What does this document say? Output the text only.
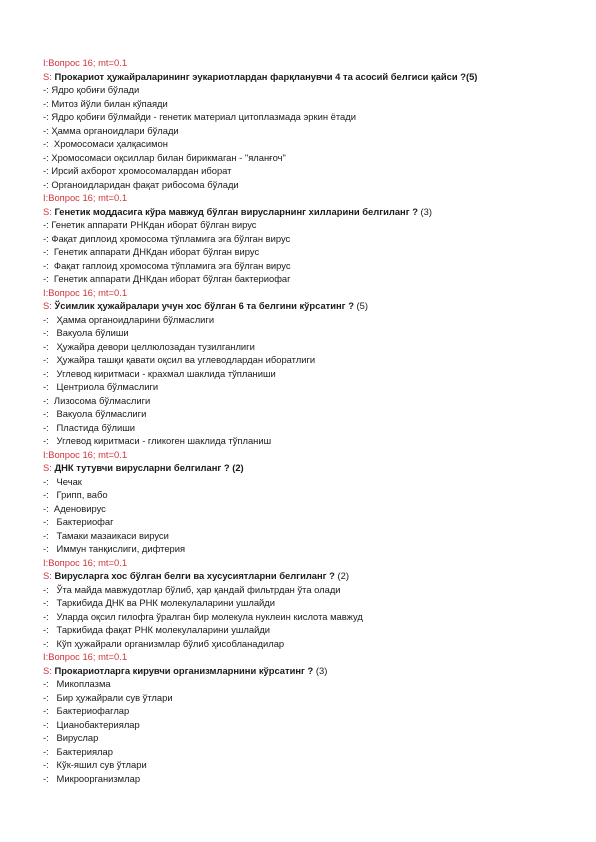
I:Вопрос 16; mt=0.1
S: Прокариот ҳужайраларининг эукариотлардан фарқланувчи 4 та асосий белгиси қайси ?(5)
-: Ядро қобиғи бўлади
-: Митоз йўли билан кўпаяди
-: Ядро қобиғи бўлмайди - генетик материал цитоплазмада эркин ётади
-: Ҳамма органоидлари бўлади
-:  Хромосомаси ҳалқасимон
-: Хромосомаси оқсиллар билан бирикмаган - "яланғоч"
-: Ирсий ахборот хромосомалардан иборат
-: Органоидларидан фақат рибосома бўлади
I:Вопрос 16; mt=0.1
S: Генетик моддасига кўра мавжуд бўлган вирусларнинг хилларини белгиланг ? (3)
-: Генетик аппарати РНКдан иборат бўлган вирус
-: Фақат диплоид хромосома тўпламига эга бўлган вирус
-:  Генетик аппарати ДНКдан иборат бўлган вирус
-:  Фақат гаплоид хромосома тўпламига эга бўлган вирус
-:  Генетик аппарати ДНКдан иборат бўлган бактериофаг
I:Вопрос 16; mt=0.1
S: Ўсимлик ҳужайралари учун хос бўлган 6 та белгини кўрсатинг ? (5)
-:   Ҳамма органоидларини бўлмаслиги
-:   Вакуола бўлиши
-:   Ҳужайра девори целлюлозадан тузилганлиги
-:   Ҳужайра ташқи қавати оқсил ва углеводлардан иборатлиги
-:   Углевод киритмаси - крахмал шаклида тўпланиши
-:   Центриола бўлмаслиги
-:  Лизосома бўлмаслиги
-:   Вакуола бўлмаслиги
-:   Пластида бўлиши
-:   Углевод киритмаси - гликоген шаклида тўпланиш
I:Вопрос 16; mt=0.1
S: ДНК тутувчи вирусларни белгиланг ? (2)
-:   Чечак
-:   Грипп, вабо
-:  Аденовирус
-:   Бактериофаг
-:   Тамаки мазаикаси вируси
-:   Иммун танқислиги, дифтерия
I:Вопрос 16; mt=0.1
S: Вирусларга хос бўлган белги ва хусусиятларни белгиланг ? (2)
-:   Ўта майда мавжудотлар бўлиб, ҳар қандай фильтрдан ўта олади
-:   Таркибида ДНК ва РНК молекулаларини ушлайди
-:   Уларда оқсил гилофга ўралган бир молекула нуклеин кислота мавжуд
-:   Таркибида фақат РНК молекулаларини ушлайди
-:   Кўп ҳужайрали организмлар бўлиб ҳисобланадилар
I:Вопрос 16; mt=0.1
S: Прокариотларга кирувчи организмларнини кўрсатинг ? (3)
-:   Микоплазма
-:   Бир ҳужайрали сув ўтлари
-:   Бактериофаглар
-:   Цианобактериялар
-:   Вируслар
-:   Бактериялар
-:   Кўк-яшил сув ўтлари
-:   Микроорганизмлар
